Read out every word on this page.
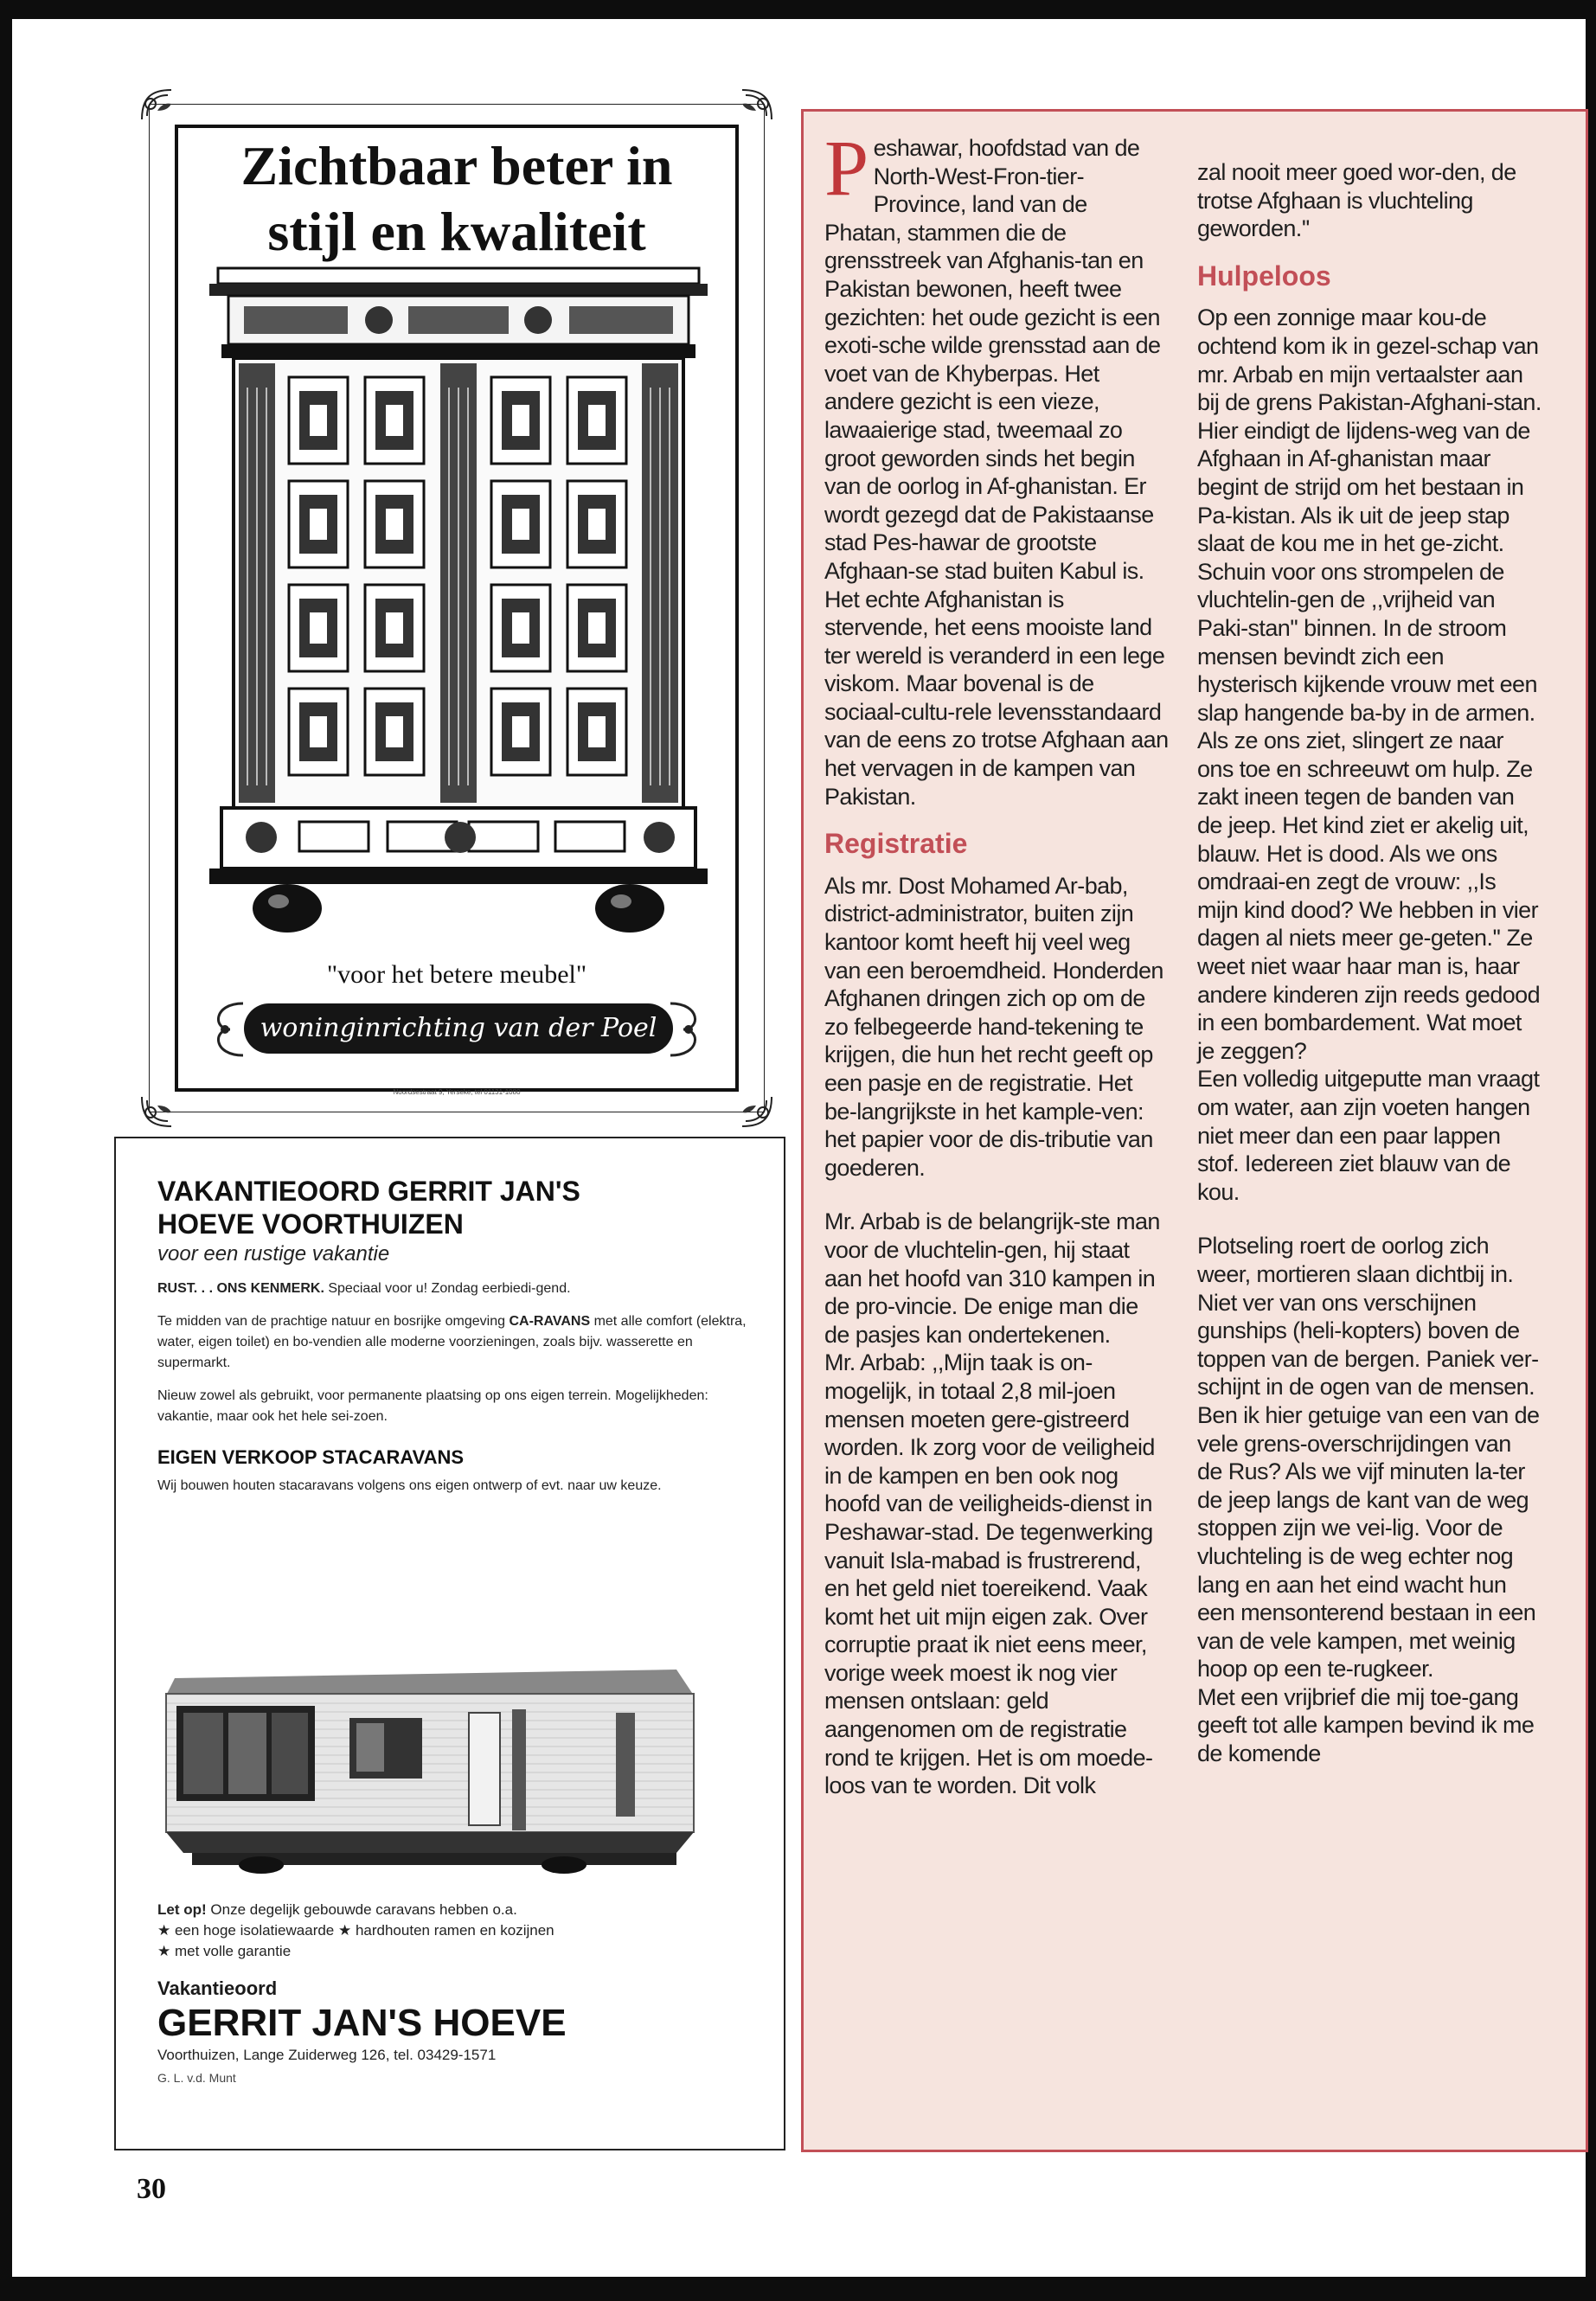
Zichtbaar beter in
stijl en kwaliteit
"voor het betere meubel"
woninginrichting van der Poel
Noordsestraat 9, Yerseke, tel 01131-1080
VAKANTIEOORD GERRIT JAN'S
HOEVE VOORTHUIZEN
voor een rustige vakantie

RUST. . . ONS KENMERK. Speciaal voor u! Zondag eerbiedi-gend.

Te midden van de prachtige natuur en bosrijke omgeving CA-RAVANS met alle comfort (elektra, water, eigen toilet) en bo-vendien alle moderne voorzieningen, zoals bijv. wasserette en supermarkt.

Nieuw zowel als gebruikt, voor permanente plaatsing op ons eigen terrein. Mogelijkheden: vakantie, maar ook het hele sei-zoen.

EIGEN VERKOOP STACARAVANS

Wij bouwen houten stacaravans volgens ons eigen ontwerp of evt. naar uw keuze.

Let op! Onze degelijk gebouwde caravans hebben o.a.
★ een hoge isolatiewaarde ★ hardhouten ramen en kozijnen
★ met volle garantie
Vakantieoord
GERRIT JAN'S HOEVE
Voorthuizen, Lange Zuiderweg 126, tel. 03429-1571
G. L. v.d. Munt

Peshawar, hoofdstad van de North-West-Fron-tier-Province, land van de Phatan, stammen die de grensstreek van Afghanis-tan en Pakistan bewonen, heeft twee gezichten: het oude gezicht is een exoti-sche wilde grensstad aan de voet van de Khyberpas. Het andere gezicht is een vieze, lawaaierige stad, tweemaal zo groot geworden sinds het begin van de oorlog in Af-ghanistan. Er wordt gezegd dat de Pakistaanse stad Pes-hawar de grootste Afghaan-se stad buiten Kabul is.

Het echte Afghanistan is stervende, het eens mooiste land ter wereld is veranderd in een lege viskom. Maar bovenal is de sociaal-cultu-rele levensstandaard van de eens zo trotse Afghaan aan het vervagen in de kampen van Pakistan.

Registratie

Als mr. Dost Mohamed Ar-bab, district-administrator, buiten zijn kantoor komt heeft hij veel weg van een beroemdheid. Honderden Afghanen dringen zich op om de zo felbegeerde hand-tekening te krijgen, die hun het recht geeft op een pasje en de registratie. Het be-langrijkste in het kample-ven: het papier voor de dis-tributie van goederen.

Mr. Arbab is de belangrijk-ste man voor de vluchtelin-gen, hij staat aan het hoofd van 310 kampen in de pro-vincie. De enige man die de pasjes kan ondertekenen.

Mr. Arbab: ,,Mijn taak is on-mogelijk, in totaal 2,8 mil-joen mensen moeten gere-gistreerd worden. Ik zorg voor de veiligheid in de kampen en ben ook nog hoofd van de veiligheids-dienst in Peshawar-stad. De tegenwerking vanuit Isla-mabad is frustrerend, en het geld niet toereikend. Vaak komt het uit mijn eigen zak. Over corruptie praat ik niet eens meer, vorige week moest ik nog vier mensen ontslaan: geld aangenomen om de registratie rond te krijgen. Het is om moede-loos van te worden. Dit volk

zal nooit meer goed wor-den, de trotse Afghaan is vluchteling geworden.''

Hulpeloos

Op een zonnige maar kou-de ochtend kom ik in gezel-schap van mr. Arbab en mijn vertaalster aan bij de grens Pakistan-Afghani-stan. Hier eindigt de lijdens-weg van de Afghaan in Af-ghanistan maar begint de strijd om het bestaan in Pa-kistan. Als ik uit de jeep stap slaat de kou me in het ge-zicht. Schuin voor ons strompelen de vluchtelin-gen de ,,vrijheid van Paki-stan'' binnen. In de stroom mensen bevindt zich een hysterisch kijkende vrouw met een slap hangende ba-by in de armen. Als ze ons ziet, slingert ze naar ons toe en schreeuwt om hulp. Ze zakt ineen tegen de banden van de jeep. Het kind ziet er akelig uit, blauw. Het is dood. Als we ons omdraai-en zegt de vrouw: ,,Is mijn kind dood? We hebben in vier dagen al niets meer ge-geten.'' Ze weet niet waar haar man is, haar andere kinderen zijn reeds gedood in een bombardement. Wat moet je zeggen?

Een volledig uitgeputte man vraagt om water, aan zijn voeten hangen niet meer dan een paar lappen stof. Iedereen ziet blauw van de kou.

Plotseling roert de oorlog zich weer, mortieren slaan dichtbij in. Niet ver van ons verschijnen gunships (heli-kopters) boven de toppen van de bergen. Paniek ver-schijnt in de ogen van de mensen. Ben ik hier getuige van een van de vele grens-overschrijdingen van de Rus? Als we vijf minuten la-ter de jeep langs de kant van de weg stoppen zijn we vei-lig. Voor de vluchteling is de weg echter nog lang en aan het eind wacht hun een mensonterend bestaan in een van de vele kampen, met weinig hoop op een te-rugkeer.

Met een vrijbrief die mij toe-gang geeft tot alle kampen bevind ik me de komende

30
